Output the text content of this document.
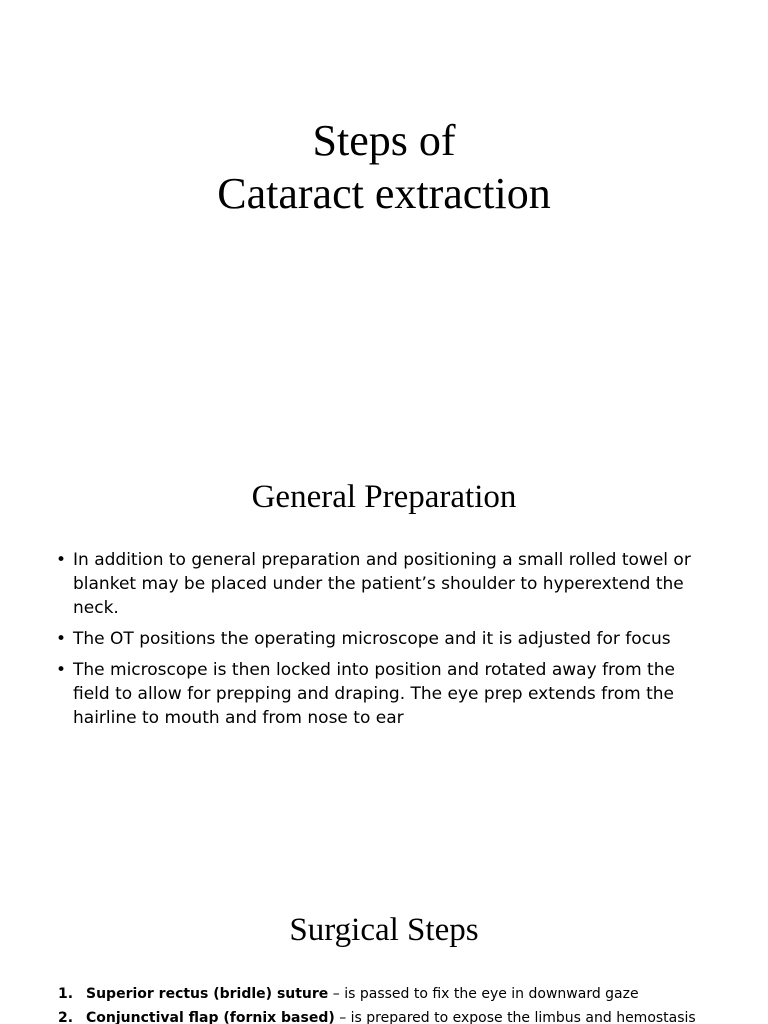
Steps of
Cataract extraction
General Preparation
• In addition to general preparation and positioning a small rolled towel or blanket may be placed under the patient’s shoulder to hyperextend the neck.
• The OT positions the operating microscope and it is adjusted for focus
• The microscope is then locked into position and rotated away from the field to allow for prepping and draping. The eye prep extends from the hairline to mouth and from nose to ear
Surgical Steps
1. Superior rectus (bridle) suture – is passed to fix the eye in downward gaze
2. Conjunctival flap (fornix based) – is prepared to expose the limbus and hemostasis
